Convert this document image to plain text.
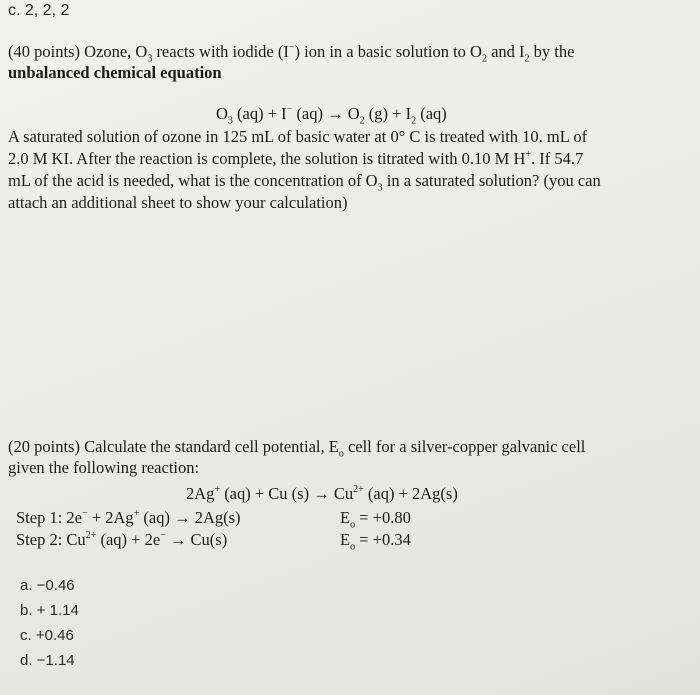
c. 2, 2, 2
(40 points) Ozone, $O_3$ reacts with iodide (I−) ion in a basic solution to $O_2$ and $I_2$ by the
unbalanced chemical equation
$O_3$ (aq) + I− $(aq) \to O_2$ $(g) + I_2$ (aq)
A saturated solution of ozone in 125 mL of basic water at 0° C is treated with 10. mL of
2.0 M KI. After the reaction is complete, the solution is titrated with 0.10 M H+. If 54.7
mL of the acid is needed, what is the concentration of $O_3$ in a saturated solution? (you can
attach an additional sheet to show your calculation)
(20 points) Calculate the standard cell potential, $E_o$ cell for a silver-copper galvanic cell
given the following reaction:
2Ag+ (aq) + Cu $(s) \to Cu^{2+}$ (aq) + 2Ag(s)
Step 1: 2e− + 2Ag+ (aq) → 2Ag(s)	$E_o = +0.80$
Step 2: $Cu^{2+}$ (aq) + 2e− → Cu(s)	$E_o = +0.34$
a. −0.46
b. + 1.14
c. +0.46
d. −1.14
